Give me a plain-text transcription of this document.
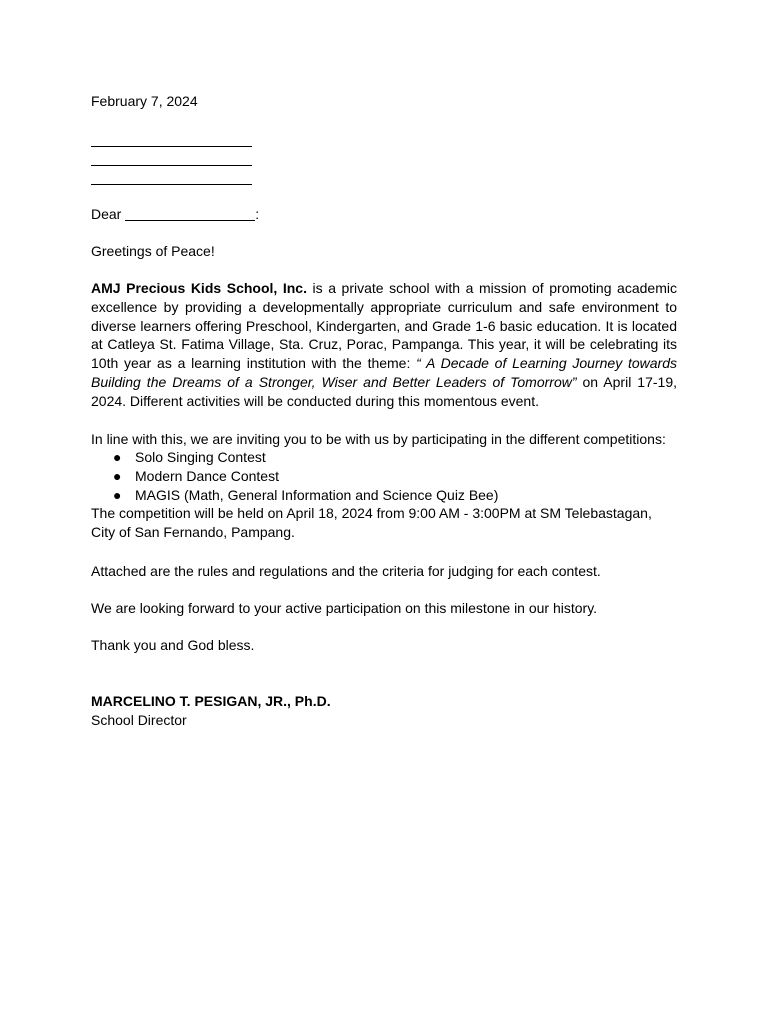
February 7, 2024
Dear	:
Greetings of Peace!
AMJ Precious Kids School, Inc. is a private school with a mission of promoting academic excellence by providing a developmentally appropriate curriculum and safe environment to diverse learners offering Preschool, Kindergarten, and Grade 1-6 basic education. It is located at Catleya St. Fatima Village, Sta. Cruz, Porac, Pampanga. This year, it will be celebrating its 10th year as a learning institution with the theme: “ A Decade of Learning Journey towards Building the Dreams of a Stronger, Wiser and Better Leaders of Tomorrow” on April 17-19, 2024. Different activities will be conducted during this momentous event.
In line with this, we are inviting you to be with us by participating in the different competitions:
● Solo Singing Contest
● Modern Dance Contest
● MAGIS (Math, General Information and Science Quiz Bee)
The competition will be held on April 18, 2024 from 9:00 AM - 3:00PM at SM Telebastagan, City of San Fernando, Pampang.
Attached are the rules and regulations and the criteria for judging for each contest.
We are looking forward to your active participation on this milestone in our history.
Thank you and God bless.
MARCELINO T. PESIGAN, JR., Ph.D.
School Director
